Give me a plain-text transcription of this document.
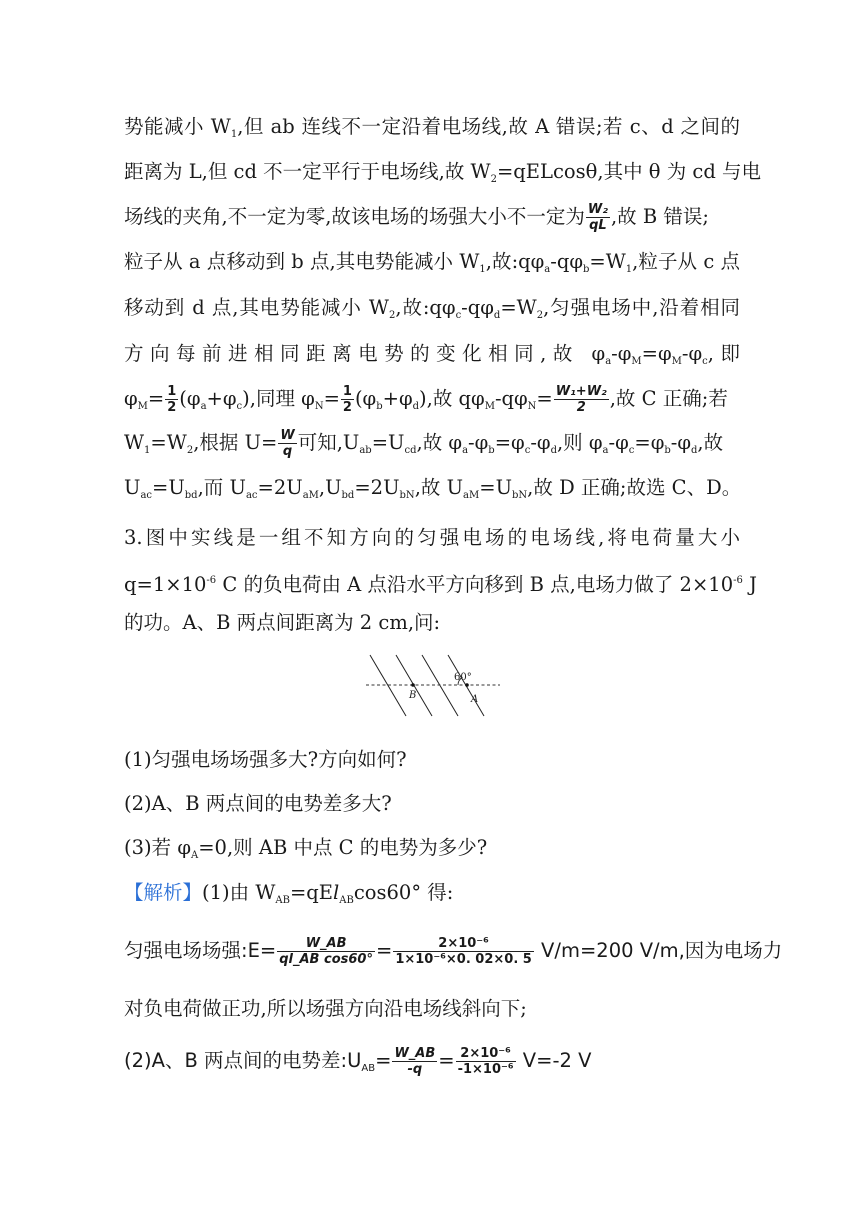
势能减小 $W_1$,但 ab 连线不一定沿着电场线,故 A 错误;若 c、d 之间的
距离为 L,但 cd 不一定平行于电场线,故 $W_2=qELcos\theta$,其中 θ 为 cd 与电
场线的夹角,不一定为零,故该电场的场强大小不一定为 $\frac{\text{W₂}}{qL}$ ,故 B 错误;
粒子从 a 点移动到 b 点,其电势能减小 $W_1$,故$:q\varphi_a-q\varphi_b=W_1$,粒子从 c 点
移动到 d 点,其电势能减小 $W_2$,故$:q\varphi_c-q\varphi_d=W_2$,匀强电场中,沿着相同
方向每前进相同距离电势的变化相同,故 $\varphi_a-\varphi_M=\varphi_M-\varphi_c$,即
$\varphi_M= \frac{1}{2} (\varphi_a+\varphi_c)$,同理 $\varphi_N= \frac{1}{2} (\varphi_b+\varphi_d)$,故 $q\varphi_M-q\varphi_N= \frac{\text{W₁+W₂}}{2}$ ,故 C 正确;若
$W_1=W_2$,根据 $U= \frac{W}{q}$ 可知$,U_{ab}=U_{cd}$,故 $\varphi_a-\varphi_b=\varphi_c-\varphi_d$,则 $\varphi_a-\varphi_c=\varphi_b-\varphi_d$,故
$U_{ac}=U_{bd}$,而 $U_{ac}=2U_{aM},U_{bd}=2U_{bN}$,故 $U_{aM}=U_{bN}$,故 D 正确;故选 C、D。
3.图中实线是一组不知方向的匀强电场的电场线,将电荷量大小
$q=1\times 10^{-6}$ C 的负电荷由 A 点沿水平方向移到 B 点,电场力做了 $2\times 10^{-6}$ J
的功。A、B 两点间距离为 2 cm,问:
60°
B	A
(1)匀强电场场强多大?方向如何?
(2)A、B 两点间的电势差多大?
(3)若 $\varphi_A=0$,则 AB 中点 C 的电势为多少?
【解析】(1)由 $W_{AB}=qEl_{AB}\cos 60^\circ$ 得:
匀强电场场强:E= $\frac{W\_AB}{\text{ql\_AB cos60°}} = \frac{\text{2×10⁻⁶}}{\text{1×10⁻⁶×0. 02×0. 5}} V/m=200$ V/m,因为电场力
对负电荷做正功,所以场强方向沿电场线斜向下;
(2)A、B 两点间的电势差$:U_{AB}= \frac{W\_AB}{-q} = \frac{\text{2×10⁻⁶}}{\text{-1×10⁻⁶}} V=-2$ V
